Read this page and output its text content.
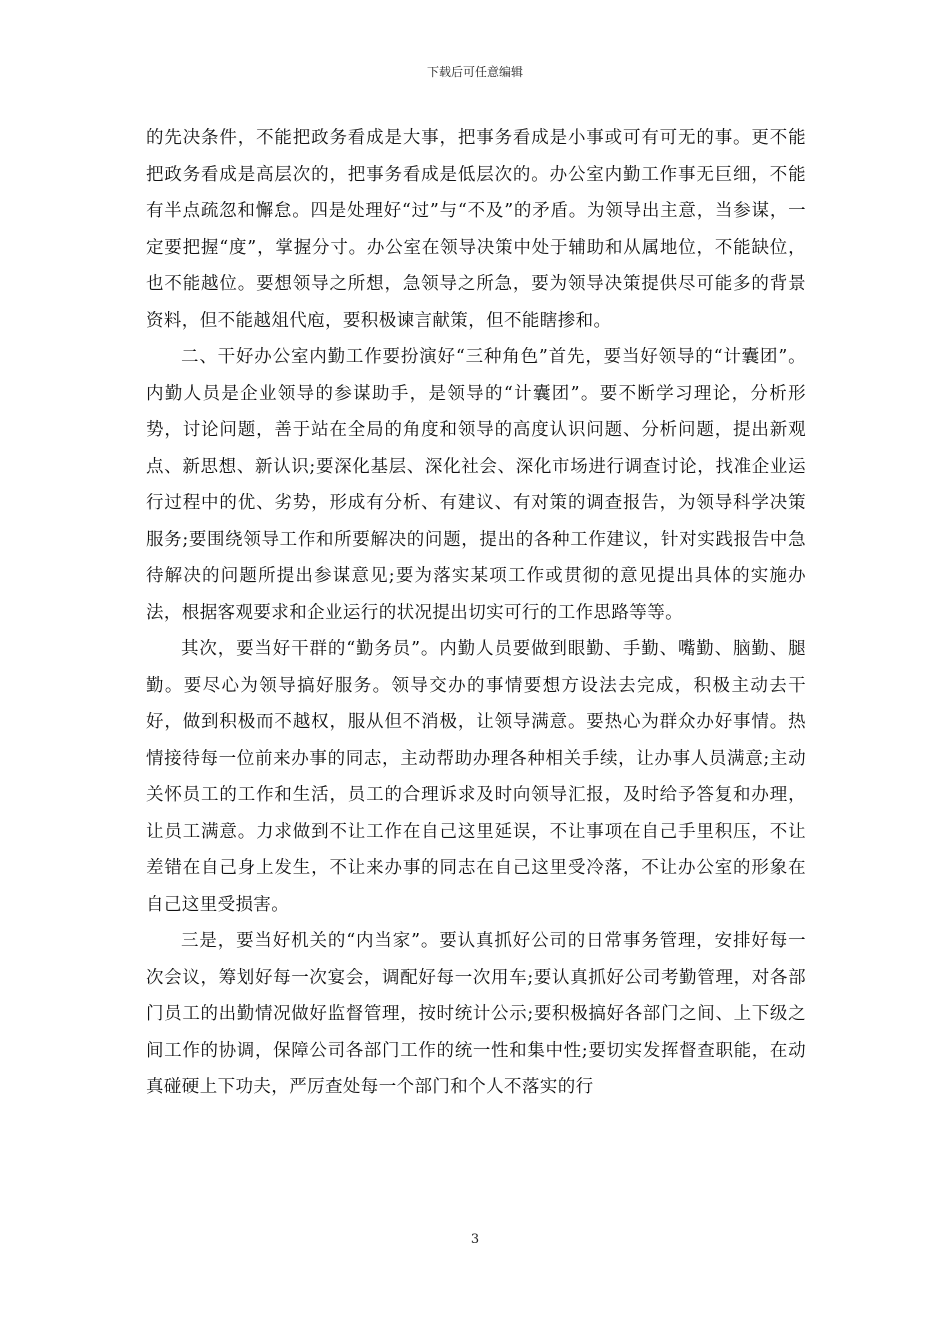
下载后可任意编辑

的先决条件，不能把政务看成是大事，把事务看成是小事或可有可无的事。更不能把政务看成是高层次的，把事务看成是低层次的。办公室内勤工作事无巨细，不能有半点疏忽和懈怠。四是处理好“过”与“不及”的矛盾。为领导出主意，当参谋，一定要把握“度”，掌握分寸。办公室在领导决策中处于辅助和从属地位，不能缺位，也不能越位。要想领导之所想，急领导之所急，要为领导决策提供尽可能多的背景资料，但不能越俎代庖，要积极谏言献策，但不能瞎掺和。

二、干好办公室内勤工作要扮演好“三种角色”首先，要当好领导的“计囊团”。内勤人员是企业领导的参谋助手，是领导的“计囊团”。要不断学习理论，分析形势，讨论问题，善于站在全局的角度和领导的高度认识问题、分析问题，提出新观点、新思想、新认识;要深化基层、深化社会、深化市场进行调查讨论，找准企业运行过程中的优、劣势，形成有分析、有建议、有对策的调查报告，为领导科学决策服务;要围绕领导工作和所要解决的问题，提出的各种工作建议，针对实践报告中急待解决的问题所提出参谋意见;要为落实某项工作或贯彻的意见提出具体的实施办法，根据客观要求和企业运行的状况提出切实可行的工作思路等等。

其次，要当好干群的“勤务员”。内勤人员要做到眼勤、手勤、嘴勤、脑勤、腿勤。要尽心为领导搞好服务。领导交办的事情要想方设法去完成，积极主动去干好，做到积极而不越权，服从但不消极，让领导满意。要热心为群众办好事情。热情接待每一位前来办事的同志，主动帮助办理各种相关手续，让办事人员满意;主动关怀员工的工作和生活，员工的合理诉求及时向领导汇报，及时给予答复和办理，让员工满意。力求做到不让工作在自己这里延误，不让事项在自己手里积压，不让差错在自己身上发生，不让来办事的同志在自己这里受冷落，不让办公室的形象在自己这里受损害。

三是，要当好机关的“内当家”。要认真抓好公司的日常事务管理，安排好每一次会议，筹划好每一次宴会，调配好每一次用车;要认真抓好公司考勤管理，对各部门员工的出勤情况做好监督管理，按时统计公示;要积极搞好各部门之间、上下级之间工作的协调，保障公司各部门工作的统一性和集中性;要切实发挥督查职能，在动真碰硬上下功夫，严厉查处每一个部门和个人不落实的行

3
